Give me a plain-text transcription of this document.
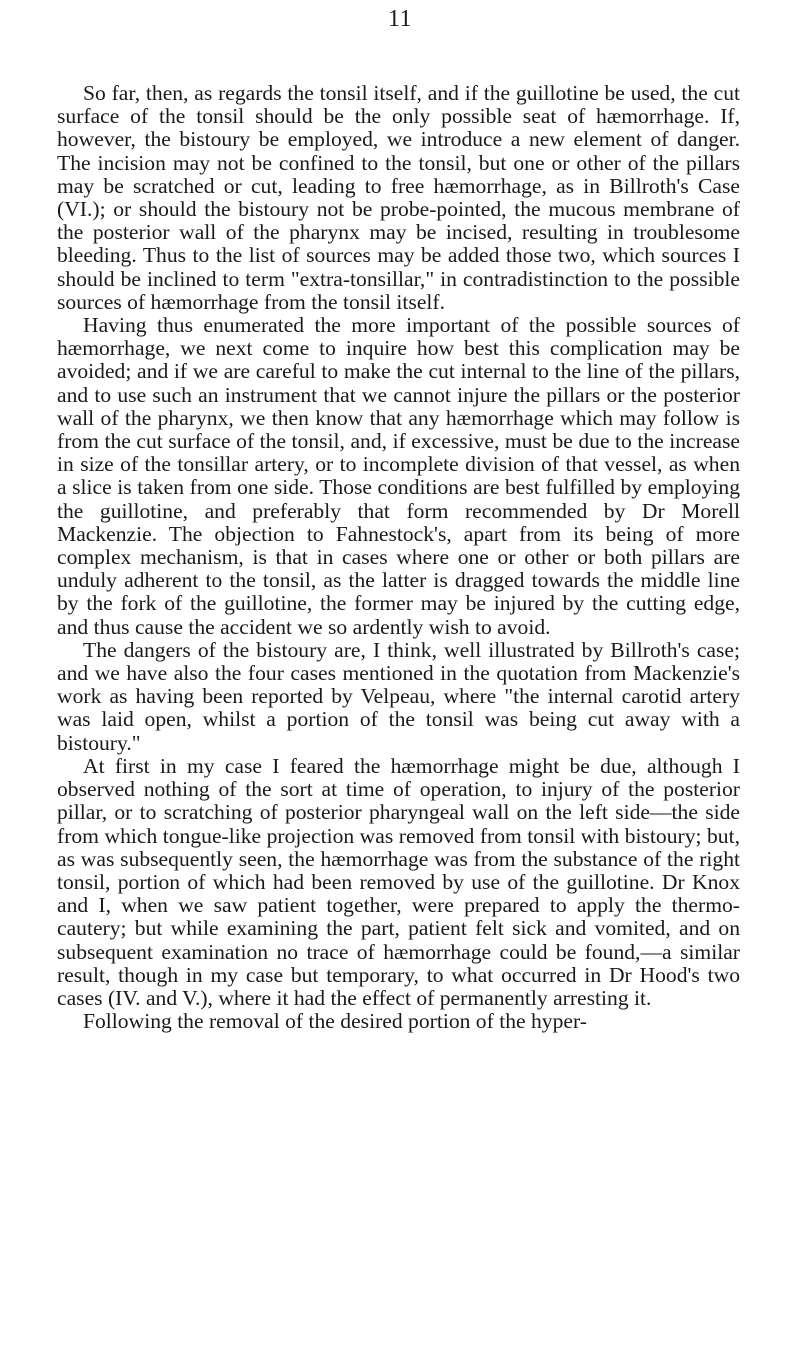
11

So far, then, as regards the tonsil itself, and if the guillotine be used, the cut surface of the tonsil should be the only possible seat of hæmorrhage. If, however, the bistoury be employed, we introduce a new element of danger. The incision may not be confined to the tonsil, but one or other of the pillars may be scratched or cut, leading to free hæmorrhage, as in Billroth's Case (VI.); or should the bistoury not be probe-pointed, the mucous membrane of the posterior wall of the pharynx may be incised, resulting in troublesome bleeding. Thus to the list of sources may be added those two, which sources I should be inclined to term "extra-tonsillar," in contradistinction to the possible sources of hæmorrhage from the tonsil itself.

Having thus enumerated the more important of the possible sources of hæmorrhage, we next come to inquire how best this complication may be avoided; and if we are careful to make the cut internal to the line of the pillars, and to use such an instrument that we cannot injure the pillars or the posterior wall of the pharynx, we then know that any hæmorrhage which may follow is from the cut surface of the tonsil, and, if excessive, must be due to the increase in size of the tonsillar artery, or to incomplete division of that vessel, as when a slice is taken from one side. Those conditions are best fulfilled by employing the guillotine, and preferably that form recommended by Dr Morell Mackenzie. The objection to Fahnestock's, apart from its being of more complex mechanism, is that in cases where one or other or both pillars are unduly adherent to the tonsil, as the latter is dragged towards the middle line by the fork of the guillotine, the former may be injured by the cutting edge, and thus cause the accident we so ardently wish to avoid.

The dangers of the bistoury are, I think, well illustrated by Billroth's case; and we have also the four cases mentioned in the quotation from Mackenzie's work as having been reported by Velpeau, where "the internal carotid artery was laid open, whilst a portion of the tonsil was being cut away with a bistoury."

At first in my case I feared the hæmorrhage might be due, although I observed nothing of the sort at time of operation, to injury of the posterior pillar, or to scratching of posterior pharyngeal wall on the left side—the side from which tongue-like projection was removed from tonsil with bistoury; but, as was subsequently seen, the hæmorrhage was from the substance of the right tonsil, portion of which had been removed by use of the guillotine. Dr Knox and I, when we saw patient together, were prepared to apply the thermo-cautery; but while examining the part, patient felt sick and vomited, and on subsequent examination no trace of hæmorrhage could be found,—a similar result, though in my case but temporary, to what occurred in Dr Hood's two cases (IV. and V.), where it had the effect of permanently arresting it.

Following the removal of the desired portion of the hyper-
